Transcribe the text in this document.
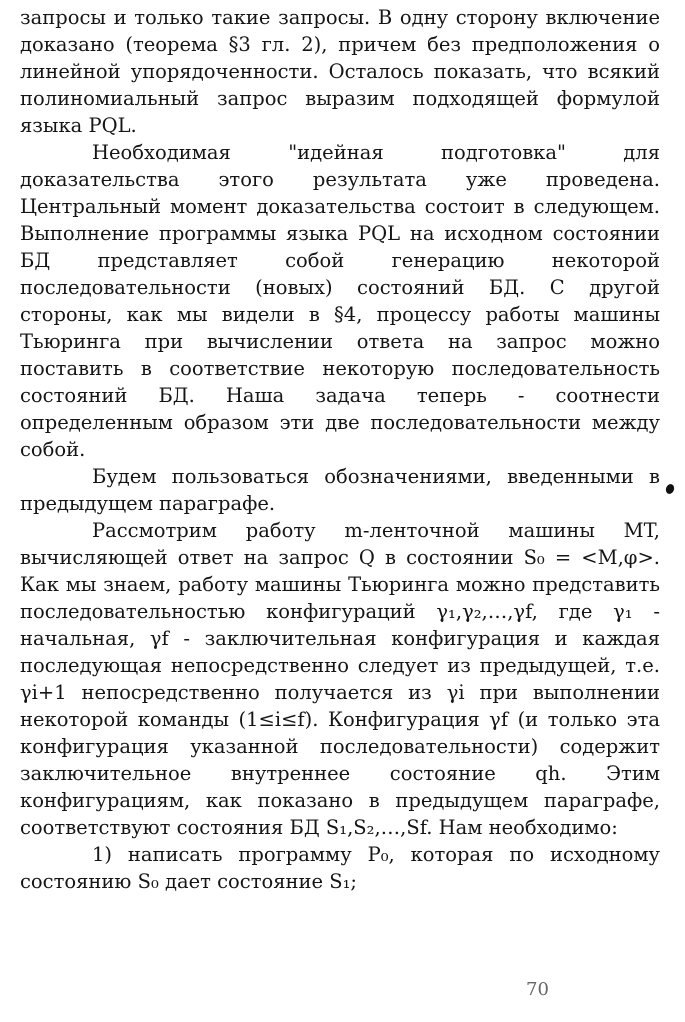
запросы и только такие запросы. В одну сторону включение доказано (теорема §3 гл. 2), причем без предположения о линейной упорядоченности. Осталось показать, что всякий полиномиальный запрос выразим подходящей формулой языка PQL.

Необходимая "идейная подготовка" для доказательства этого результата уже проведена. Центральный момент доказательства состоит в следующем. Выполнение программы языка PQL на исходном состоянии БД представляет собой генерацию некоторой последовательности (новых) состояний БД. С другой стороны, как мы видели в §4, процессу работы машины Тьюринга при вычислении ответа на запрос можно поставить в соответствие некоторую последовательность состояний БД. Наша задача теперь - соотнести определенным образом эти две последовательности между собой.

Будем пользоваться обозначениями, введенными в предыдущем параграфе.

Рассмотрим работу m-ленточной машины MT, вычисляющей ответ на запрос Q в состоянии S₀ = <M,φ>. Как мы знаем, работу машины Тьюринга можно представить последовательностью конфигураций γ₁,γ₂,…,γf, где γ₁ - начальная, γf - заключительная конфигурация и каждая последующая непосредственно следует из предыдущей, т.е. γi+1 непосредственно получается из γi при выполнении некоторой команды (1≤i≤f). Конфигурация γf (и только эта конфигурация указанной последовательности) содержит заключительное внутреннее состояние qh. Этим конфигурациям, как показано в предыдущем параграфе, соответствуют состояния БД S₁,S₂,…,Sf. Нам необходимо:

1) написать программу P₀, которая по исходному состоянию S₀ дает состояние S₁;

70
